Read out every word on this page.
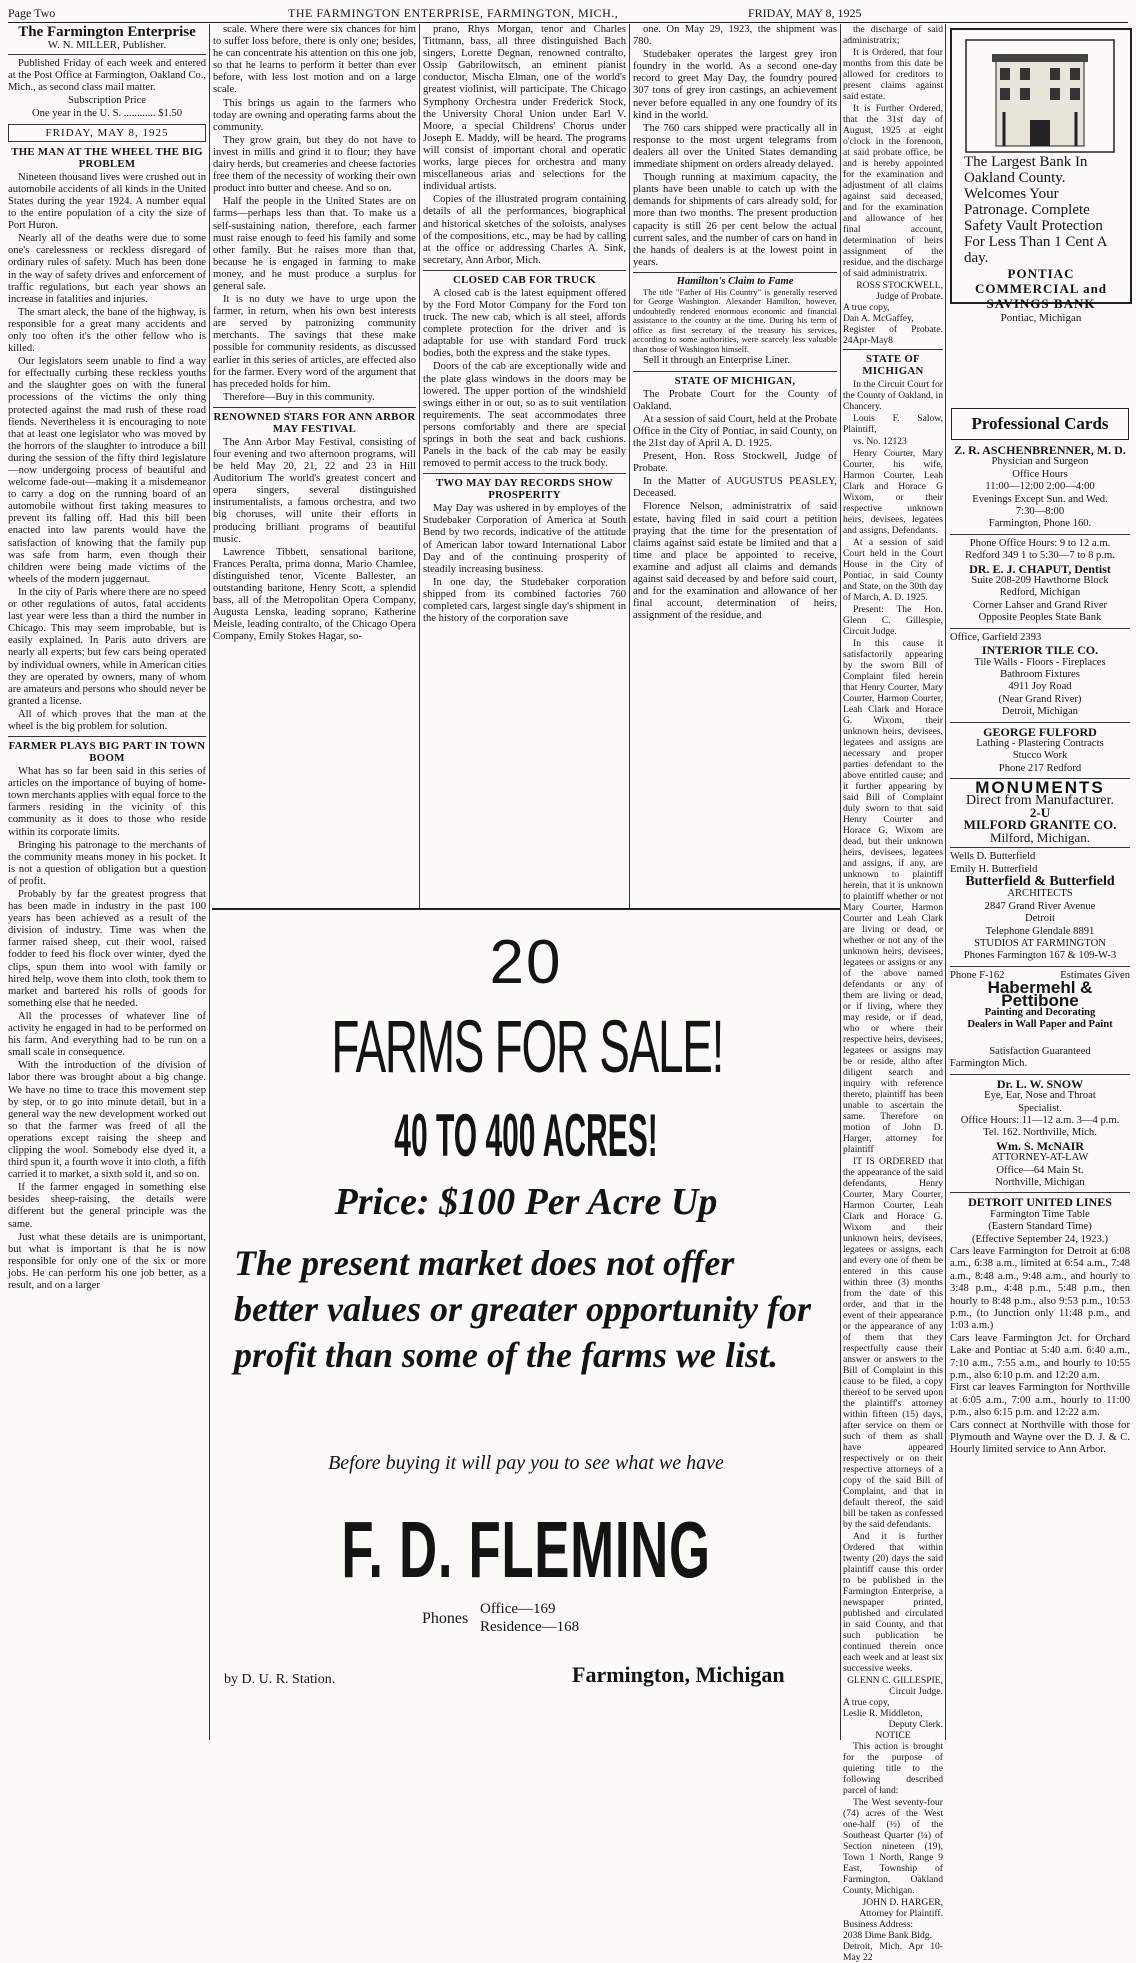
Page Two	THE FARMINGTON ENTERPRISE, FARMINGTON, MICH.,	FRIDAY, MAY 8, 1925
The Farmington Enterprise
W. N. MILLER, Publisher.

Published Friday of each week and entered at the Post Office at Farmington, Oakland Co., Mich., as second class mail matter.

Subscription Price
One year in the U. S. ............ $1.50
FRIDAY, MAY 8, 1925
THE MAN AT THE WHEEL THE BIG PROBLEM

Nineteen thousand lives were crushed out in automobile accidents of all kinds in the United States during the year 1924. A number equal to the entire population of a city the size of Port Huron.

Nearly all of the deaths were due to some one's carelessness or reckless disregard of ordinary rules of safety. Much has been done in the way of safety drives and enforcement of traffic regulations, but each year shows an increase in fatalities and injuries.

The smart aleck, the bane of the highway, is responsible for a great many accidents and only too often it's the other fellow who is killed.

Our legislators seem unable to find a way for effectually curbing these reckless youths and the slaughter goes on with the funeral processions of the victims the only thing protected against the mad rush of these road fiends. Nevertheless it is encouraging to note that at least one legislator who was moved by the horrors of the slaughter to introduce a bill during the session of the fifty third legislature—now undergoing process of beautiful and welcome fade-out—making it a misdemeanor to carry a dog on the running board of an automobile without first taking measures to prevent its falling off. Had this bill been enacted into law parents would have the satisfaction of knowing that the family pup was safe from harm, even though their children were being made victims of the wheels of the modern juggernaut.

In the city of Paris where there are no speed or other regulations of autos, fatal accidents last year were less than a third the number in Chicago. This may seem improbable, but is easily explained. In Paris auto drivers are nearly all experts; but few cars being operated by individual owners, while in American cities they are operated by owners, many of whom are amateurs and persons who should never be granted a license.

All of which proves that the man at the wheel is the big problem for solution.

FARMER PLAYS BIG PART IN TOWN BOOM

What has so far been said in this series of articles on the importance of buying of home-town merchants applies with equal force to the farmers residing in the vicinity of this community as it does to those who reside within its corporate limits.

Bringing his patronage to the merchants of the community means money in his pocket. It is not a question of obligation but a question of profit.

Probably by far the greatest progress that has been made in industry in the past 100 years has been achieved as a result of the division of industry. Time was when the farmer raised sheep, cut their wool, raised fodder to feed his flock over winter, dyed the clips, spun them into wool with family or hired help, wove them into cloth, took them to market and bartered his rolls of goods for something else that he needed.

All the processes of whatever line of activity he engaged in had to be performed on his farm. And everything had to be run on a small scale in consequence.

With the introduction of the division of labor there was brought about a big change. We have no time to trace this movement step by step, or to go into minute detail, but in a general way the new development worked out so that the farmer was freed of all the operations except raising the sheep and clipping the wool. Somebody else dyed it, a third spun it, a fourth wove it into cloth, a fifth carried it to market, a sixth sold it, and so on.

If the farmer engaged in something else besides sheep-raising, the details were different but the general principle was the same.

Just what these details are is unimportant, but what is important is that he is now responsible for only one of the six or more jobs. He can perform his one job better, as a result, and on a larger

scale. Where there were six chances for him to suffer loss before, there is only one; besides, he can concentrate his attention on this one job, so that he learns to perform it better than ever before, with less lost motion and on a large scale.

This brings us again to the farmers who today are owning and operating farms about the community.

They grow grain, but they do not have to invest in mills and grind it to flour; they have dairy herds, but creameries and cheese factories free them of the necessity of working their own product into butter and cheese. And so on.

Half the people in the United States are on farms—perhaps less than that. To make us a self-sustaining nation, therefore, each farmer must raise enough to feed his family and some other family. But he raises more than that, because he is engaged in farming to make money, and he must produce a surplus for general sale.

It is no duty we have to urge upon the farmer, in return, when his own best interests are served by patronizing community merchants. The savings that these make possible for community residents, as discussed earlier in this series of articles, are effected also for the farmer. Every word of the argument that has preceded holds for him.

Therefore—Buy in this community.

RENOWNED STARS FOR ANN ARBOR MAY FESTIVAL

The Ann Arbor May Festival, consisting of four evening and two afternoon programs, will be held May 20, 21, 22 and 23 in Hill Auditorium The world's greatest concert and opera singers, several distinguished instrumentalists, a famous orchestra, and two big choruses, will unite their efforts in producing brilliant programs of beautiful music.

Lawrence Tibbett, sensational baritone, Frances Peralta, prima donna, Mario Chamlee, distinguished tenor, Vicente Ballester, an outstanding baritone, Henry Scott, a splendid bass, all of the Metropolitan Opera Company, Augusta Lenska, leading soprano, Katherine Meisle, leading contralto, of the Chicago Opera Company, Emily Stokes Hagar, so-

prano, Rhys Morgan, tenor and Charles Tittmann, bass, all three distinguished Bach singers, Lorette Degnan, renowned contralto, Ossip Gabrilowitsch, an eminent pianist conductor, Mischa Elman, one of the world's greatest violinist, will participate. The Chicago Symphony Orchestra under Frederick Stock, the University Choral Union under Earl V. Moore, a special Childrens' Chorus under Joseph E. Maddy, will be heard. The programs will consist of important choral and operatic works, large pieces for orchestra and many miscellaneous arias and selections for the individual artists.

Copies of the illustrated program containing details of all the performances, biographical and historical sketches of the soloists, analyses of the compositions, etc., may be had by calling at the office or addressing Charles A. Sink, secretary, Ann Arbor, Mich.

CLOSED CAB FOR TRUCK

A closed cab is the latest equipment offered by the Ford Motor Company for the Ford ton truck. The new cab, which is all steel, affords complete protection for the driver and is adaptable for use with standard Ford truck bodies, both the express and the stake types.

Doors of the cab are exceptionally wide and the plate glass windows in the doors may be lowered. The upper portion of the windshield swings either in or out, so as to suit ventilation requirements. The seat accommodates three persons comfortably and there are special springs in both the seat and back cushions. Panels in the back of the cab may be easily removed to permit access to the truck body.

TWO MAY DAY RECORDS SHOW PROSPERITY

May Day was ushered in by employes of the Studebaker Corporation of America at South Bend by two records, indicative of the attitude of American labor toward International Labor Day and of the continuing prosperity of steadily increasing business.

In one day, the Studebaker corporation shipped from its combined factories 760 completed cars, largest single day's shipment in the history of the corporation save

one. On May 29, 1923, the shipment was 780.

Studebaker operates the largest grey iron foundry in the world. As a second one-day record to greet May Day, the foundry poured 307 tons of grey iron castings, an achievement never before equalled in any one foundry of its kind in the world.

The 760 cars shipped were practically all in response to the most urgent telegrams from dealers all over the United States demanding immediate shipment on orders already delayed.

Though running at maximum capacity, the plants have been unable to catch up with the demands for shipments of cars already sold, for more than two months. The present production capacity is still 26 per cent below the actual current sales, and the number of cars on hand in the hands of dealers is at the lowest point in years.

Hamilton's Claim to Fame

The title "Father of His Country" is generally reserved for George Washington. Alexander Hamilton, however, undoubtedly rendered enormous economic and financial assistance to the country at the time. During his term of office as first secretary of the treasury his services, according to some authorities, were scarcely less valuable than those of Washington himself.

Sell it through an Enterprise Liner.

STATE OF MICHIGAN,

The Probate Court for the County of Oakland.

At a session of said Court, held at the Probate Office in the City of Pontiac, in said County, on the 21st day of April A. D. 1925.

Present, Hon. Ross Stockwell, Judge of Probate.

In the Matter of AUGUSTUS PEASLEY, Deceased.

Florence Nelson, administratrix of said estate, having filed in said court a petition praying that the time for the presentation of claims against said estate be limited and that a time and place be appointed to receive, examine and adjust all claims and demands against said deceased by and before said court, and for the examination and allowance of her final account, determination of heirs, assignment of the residue, and

the discharge of said administratrix;

It is Ordered, that four months from this date be allowed for creditors to present claims against said estate.

It is Further Ordered, that the 31st day of August, 1925 at eight o'clock in the forenoon, at said probate office, be and is hereby appointed for the examination and adjustment of all claims against said deceased, and for the examination and allowance of her final account, determination of heirs assignment of the residue, and the discharge of said administratrix.

ROSS STOCKWELL,
Judge of Probate.
A true copy,
Dan A. McGaffey,
Register of Probate. 24Apr-May8
STATE OF MICHIGAN

In the Circuit Court for the County of Oakland, in Chancery.

Louis F. Salow, Plaintiff,

vs. No. 12123

Henry Courter, Mary Courter, his wife, Harmon Courter, Leah Clark and Horace G Wixom, or their respective unknown heirs, devisees, legatees and assigns, Defendants.

At a session of said Court held in the Court House in the City of Pontiac, in said County and State, on the 30th day of March, A. D. 1925.

Present: The Hon. Glenn C. Gillespie, Circuit Judge.

In this cause it satisfactorily appearing by the sworn Bill of Complaint filed herein that Henry Courter, Mary Courter, Harmon Courter, Leah Clark and Horace G. Wixom, their unknown heirs, devisees, legatees and assigns are necessary and proper parties defendant to the above entitled cause; and it further appearing by said Bill of Complaint duly sworn to that said Henry Courter and Horace G. Wixom are dead, but their unknown heirs, devisees, legatees and assigns, if any, are unknown to plaintiff herein, that it is unknown to plaintiff whether or not Mary Courter, Harmon Courter and Leah Clark are living or dead, or whether or not any of the unknown heirs, devisees, legatees or assigns or any of the above named defendants or any of them are living or dead, or if living, where they may reside, or if dead, who or where their respective heirs, devisees, legatees or assigns may be or reside, altho after diligent search and inquiry with reference thereto, plaintiff has been unable to ascertain the same. Therefore on motion of John D. Harger, attorney for plaintiff

IT IS ORDERED that the appearance of the said defendants, Henry Courter, Mary Courter, Harmon Courter, Leah Clark and Horace G. Wixom and their unknown heirs, devisees, legatees or assigns, each and every one of them be entered in this cause within three (3) months from the date of this order, and that in the event of their appearance or the appearance of any of them that they respectfully cause their answer or answers to the Bill of Complaint in this cause to be filed, a copy thereof to be served upon the plaintiff's attorney within fifteen (15) days, after service on them or such of them as shall have appeared respectively or on their respective attorneys of a copy of the said Bill of Complaint, and that in default thereof, the said bill be taken as confessed by the said defendants.

And it is further Ordered that within twenty (20) days the said plaintiff cause this order to be published in the Farmington Enterprise, a newspaper printed, published and circulated in said County, and that such publication be continued therein once each week and at least six successive weeks.

GLENN C. GILLESPIE,
Circuit Judge.
A true copy,
Leslie R. Middleton,
Deputy Clerk.
NOTICE

This action is brought for the purpose of quieting title to the following described parcel of land:

The West seventy-four (74) acres of the West one-half (½) of the Southeast Quarter (¼) of Section nineteen (19), Town 1 North, Range 9 East, Township of Farmington, Oakland County, Michigan.

JOHN D. HARGER,
Attorney for Plaintiff.
Business Address:
2038 Dime Bank Bldg.
Detroit, Mich. Apr 10-May 22
20
FARMS FOR SALE!
40 TO 400 ACRES!
Price: $100 Per Acre Up
The present market does not offer better values or greater opportunity for profit than some of the farms we list.
Before buying it will pay you to see what we have
F. D. FLEMING
Phones
Office—169
Residence—168
by D. U. R. Station.	Farmington, Michigan
The Largest Bank In Oakland County. Welcomes Your Patronage. Complete Safety Vault Protection For Less Than 1 Cent A day.
PONTIAC COMMERCIAL and SAVINGS BANK
Pontiac, Michigan
Professional Cards
Z. R. ASCHENBRENNER, M. D.
Physician and Surgeon
Office Hours
11:00—12:00 2:00—4:00
Evenings Except Sun. and Wed.
7:30—8:00
Farmington, Phone 160.
Phone Office Hours: 9 to 12 a.m.
Redford 349 1 to 5:30—7 to 8 p.m.
DR. E. J. CHAPUT, Dentist
Suite 208-209 Hawthorne Block
Redford, Michigan
Corner Lahser and Grand River
Opposite Peoples State Bank
Office, Garfield 2393
INTERIOR TILE CO.
Tile Walls - Floors - Fireplaces
Bathroom Fixtures
4911 Joy Road
(Near Grand River)
Detroit, Michigan
GEORGE FULFORD
Lathing - Plastering Contracts
Stucco Work
Phone 217 Redford
MONUMENTS
Direct from Manufacturer.
2-U
MILFORD GRANITE CO.
Milford, Michigan.
Wells D. Butterfield
Emily H. Butterfield
Butterfield & Butterfield
ARCHITECTS
2847 Grand River Avenue
Detroit
Telephone Glendale 8891
STUDIOS AT FARMINGTON
Phones Farmington 167 & 109-W-3
Phone F-162	Estimates Given
Habermehl & Pettibone
Painting and Decorating
Dealers in Wall Paper and Paint
Satisfaction Guaranteed
Farmington Mich.
Dr. L. W. SNOW
Eye, Ear, Nose and Throat
Specialist.
Office Hours: 11—12 a.m. 3—4 p.m.
Tel. 162. Northville, Mich.
Wm. S. McNAIR
ATTORNEY-AT-LAW
Office—64 Main St.
Northville, Michigan
DETROIT UNITED LINES
Farmington Time Table
(Eastern Standard Time)
(Effective September 24, 1923.)
Cars leave Farmington for Detroit at 6:08 a.m., 6:38 a.m., limited at 6:54 a.m., 7:48 a.m., 8:48 a.m., 9:48 a.m., and hourly to 3:48 p.m., 4:48 p.m., 5:48 p.m., then hourly to 8:48 p.m., also 9:53 p.m., 10:53 p.m., (to Junction only 11:48 p.m., and 1:03 a.m.)
Cars leave Farmington Jct. for Orchard Lake and Pontiac at 5:40 a.m. 6:40 a.m., 7:10 a.m., 7:55 a.m., and hourly to 10:55 p.m., also 6:10 p.m. and 12:20 a.m.
First car leaves Farmington for Northville at 6:05 a.m., 7:00 a.m., hourly to 11:00 p.m., also 6:15 p.m. and 12:22 a.m.
Cars connect at Northville with those for Plymouth and Wayne over the D. J. & C. Hourly limited service to Ann Arbor.
